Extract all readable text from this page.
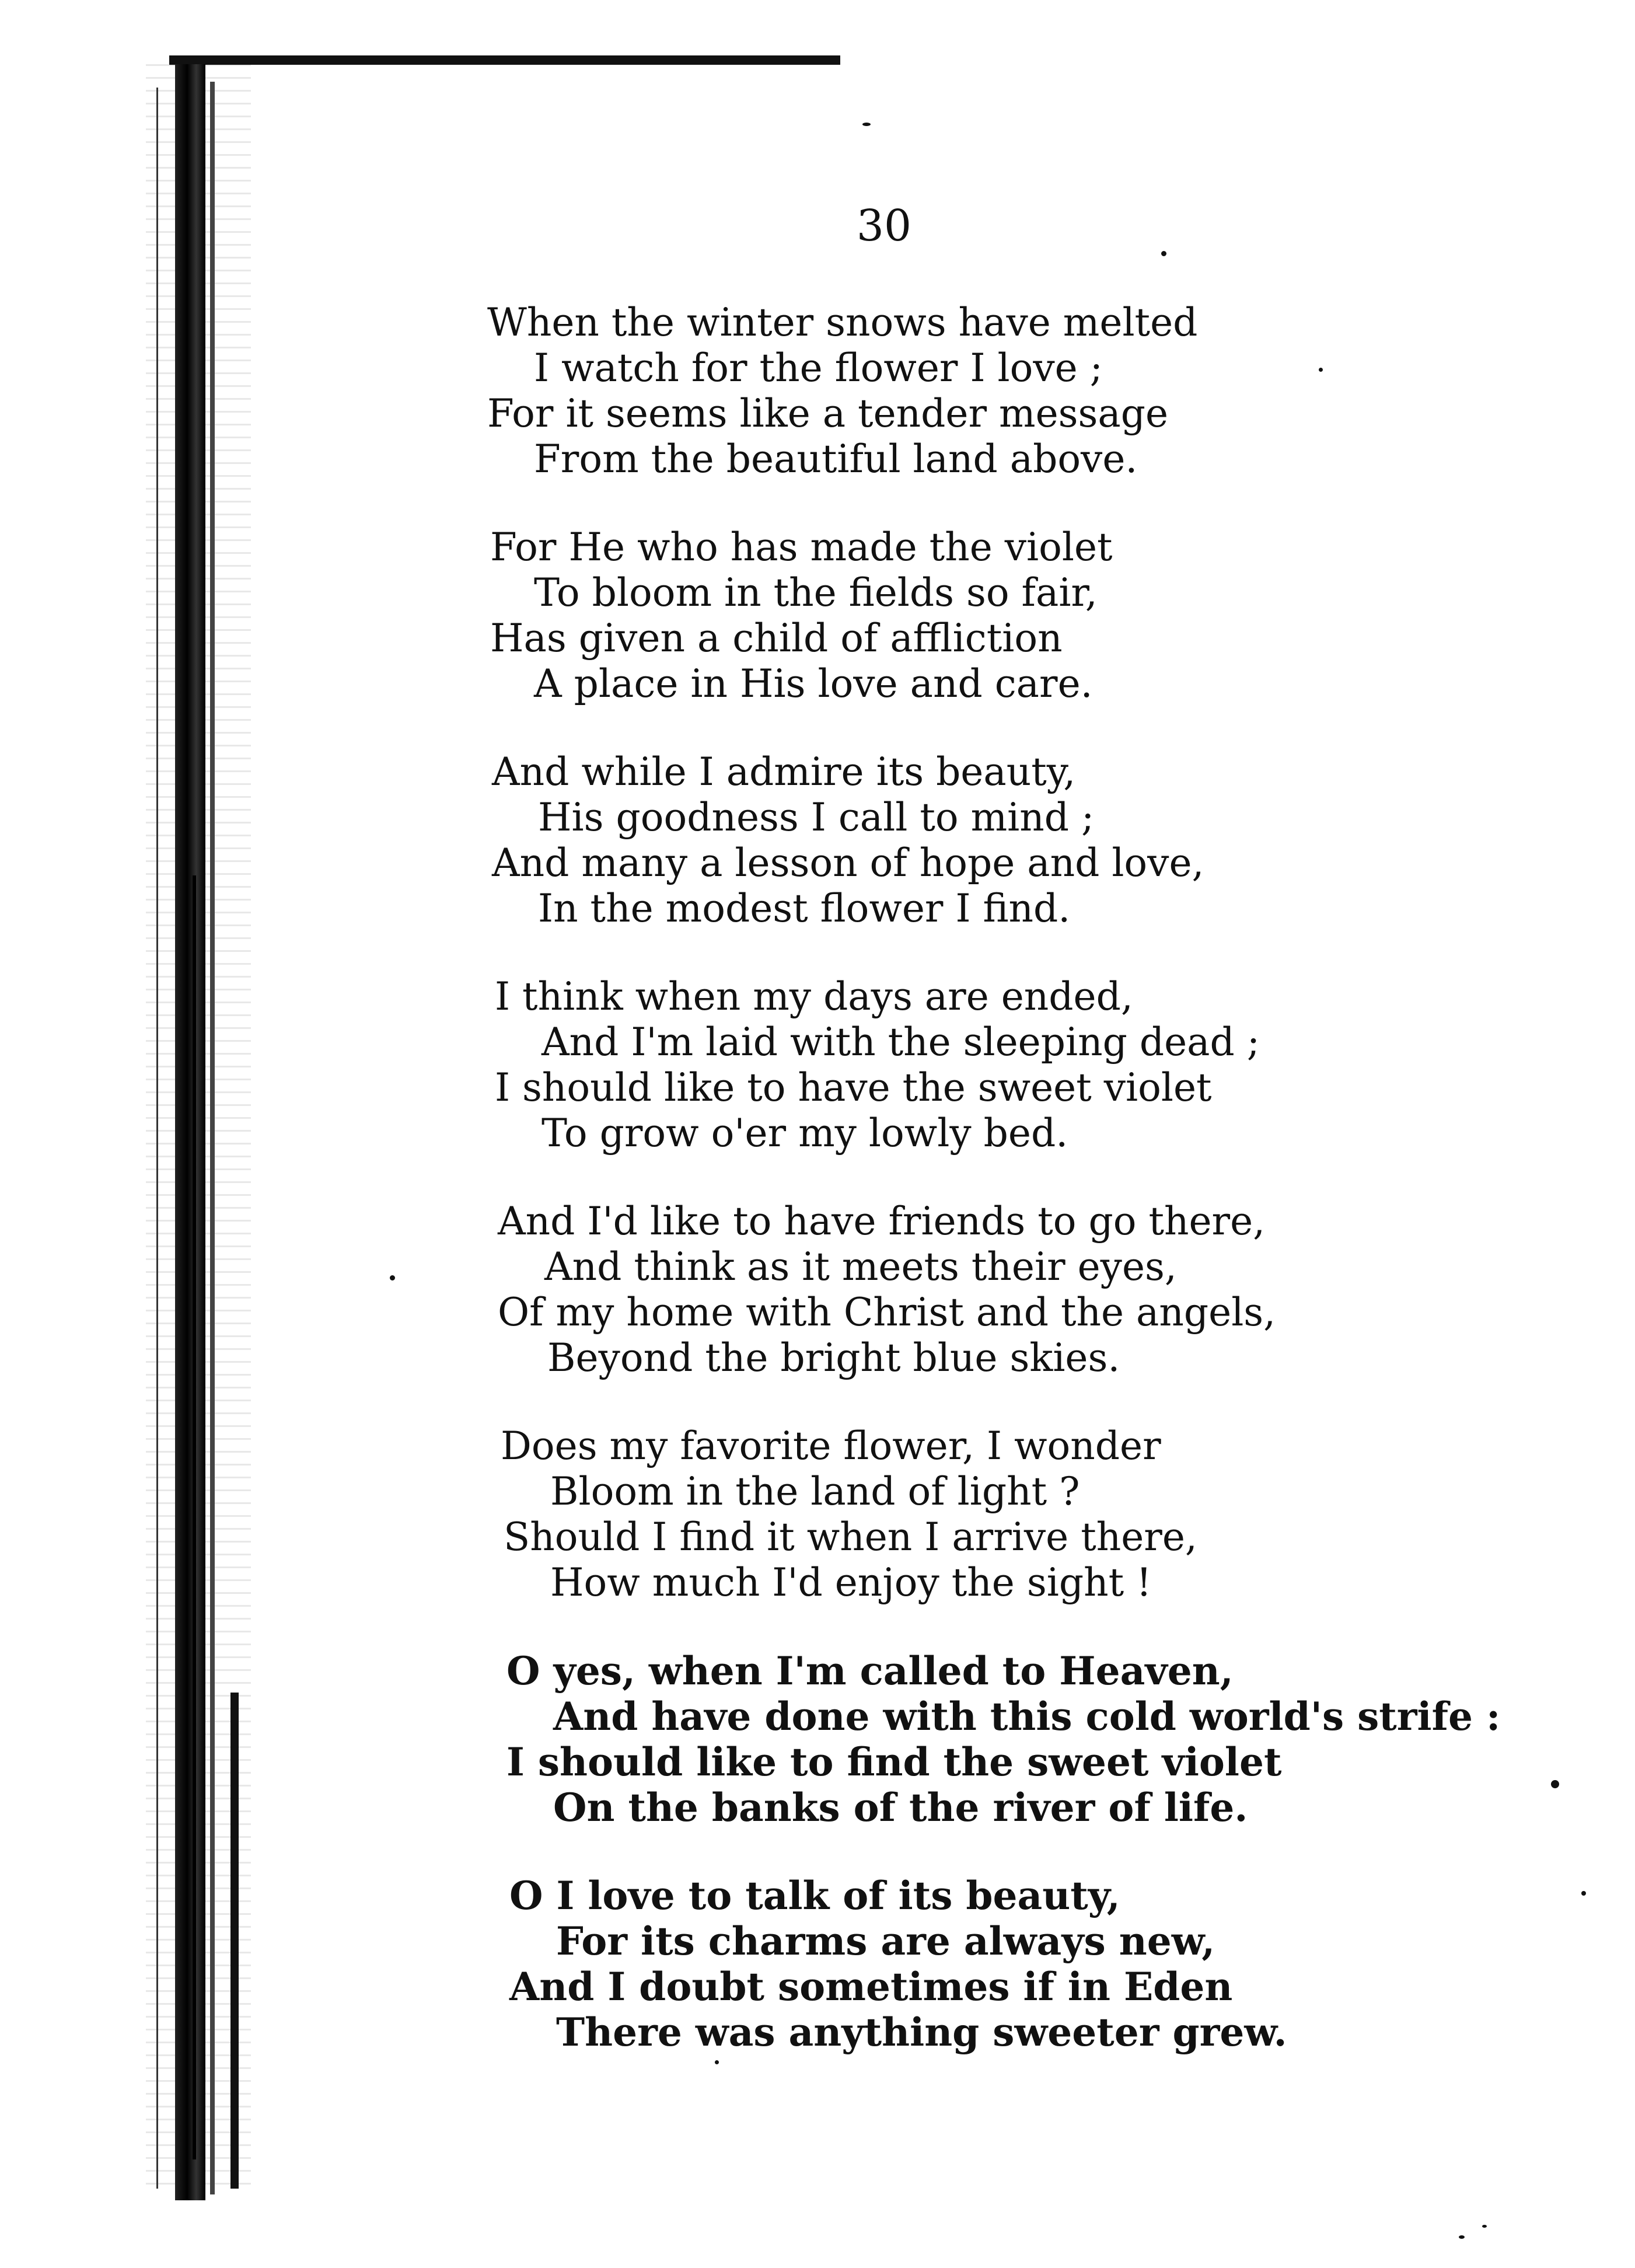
30
When the winter snows have melted
I watch for the flower I love ;
For it seems like a tender message
From the beautiful land above.
For He who has made the violet
To bloom in the fields so fair,
Has given a child of affliction
A place in His love and care.
And while I admire its beauty,
His goodness I call to mind ;
And many a lesson of hope and love,
In the modest flower I find.
I think when my days are ended,
And I'm laid with the sleeping dead ;
I should like to have the sweet violet
To grow o'er my lowly bed.
And I'd like to have friends to go there,
And think as it meets their eyes,
Of my home with Christ and the angels,
Beyond the bright blue skies.
Does my favorite flower, I wonder
Bloom in the land of light ?
Should I find it when I arrive there,
How much I'd enjoy the sight !
O yes, when I'm called to Heaven,
And have done with this cold world's strife :
I should like to find the sweet violet
On the banks of the river of life.
O I love to talk of its beauty,
For its charms are always new,
And I doubt sometimes if in Eden
There was anything sweeter grew.
